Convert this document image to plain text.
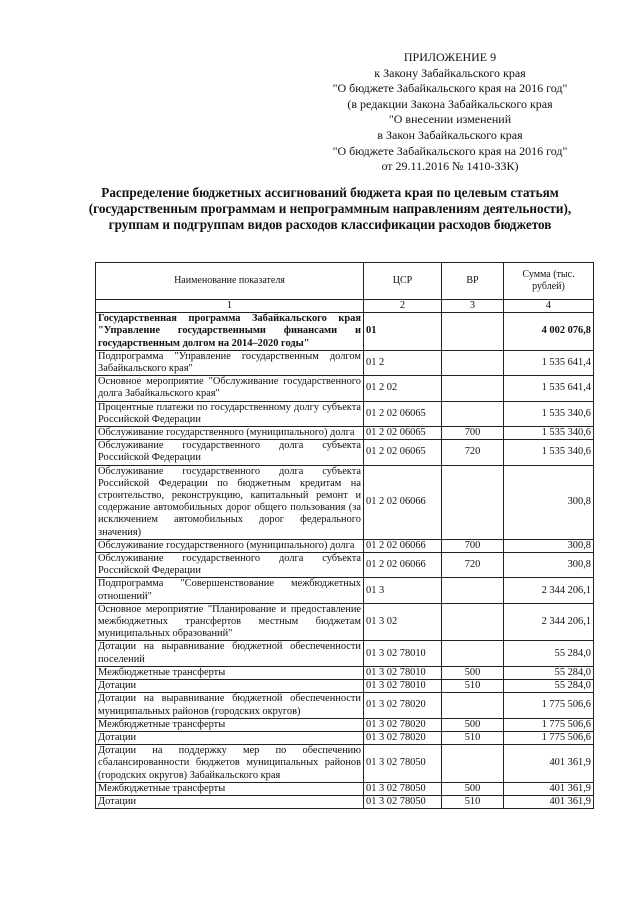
ПРИЛОЖЕНИЕ 9
к Закону Забайкальского края
"О бюджете Забайкальского края на 2016 год"
(в редакции Закона Забайкальского края
"О внесении изменений
в Закон Забайкальского края
"О бюджете Забайкальского края на 2016 год"
от 29.11.2016 № 1410-ЗЗК)
Распределение бюджетных ассигнований бюджета края по целевым статьям (государственным программам и непрограммным направлениям деятельности), группам и подгруппам видов расходов классификации расходов бюджетов
Наименование показателя	ЦСР	ВР	Сумма (тыс. рублей)
1	2	3	4
Государственная программа Забайкальского края "Управление государственными финансами и государственным долгом на 2014–2020 годы"	01		4 002 076,8
Подпрограмма "Управление государственным долгом Забайкальского края"	01 2		1 535 641,4
Основное мероприятие "Обслуживание государственного долга Забайкальского края"	01 2 02		1 535 641,4
Процентные платежи по государственному долгу субъекта Российской Федерации	01 2 02 06065		1 535 340,6
Обслуживание государственного (муниципального) долга	01 2 02 06065	700	1 535 340,6
Обслуживание государственного долга субъекта Российской Федерации	01 2 02 06065	720	1 535 340,6
Обслуживание государственного долга субъекта Российской Федерации по бюджетным кредитам на строительство, реконструкцию, капитальный ремонт и содержание автомобильных дорог общего пользования (за исключением автомобильных дорог федерального значения)	01 2 02 06066		300,8
Обслуживание государственного (муниципального) долга	01 2 02 06066	700	300,8
Обслуживание государственного долга субъекта Российской Федерации	01 2 02 06066	720	300,8
Подпрограмма "Совершенствование межбюджетных отношений"	01 3		2 344 206,1
Основное мероприятие "Планирование и предоставление межбюджетных трансфертов местным бюджетам муниципальных образований"	01 3 02		2 344 206,1
Дотации на выравнивание бюджетной обеспеченности поселений	01 3 02 78010		55 284,0
Межбюджетные трансферты	01 3 02 78010	500	55 284,0
Дотации	01 3 02 78010	510	55 284,0
Дотации на выравнивание бюджетной обеспеченности муниципальных районов (городских округов)	01 3 02 78020		1 775 506,6
Межбюджетные трансферты	01 3 02 78020	500	1 775 506,6
Дотации	01 3 02 78020	510	1 775 506,6
Дотации на поддержку мер по обеспечению сбалансированности бюджетов муниципальных районов (городских округов) Забайкальского края	01 3 02 78050		401 361,9
Межбюджетные трансферты	01 3 02 78050	500	401 361,9
Дотации	01 3 02 78050	510	401 361,9
